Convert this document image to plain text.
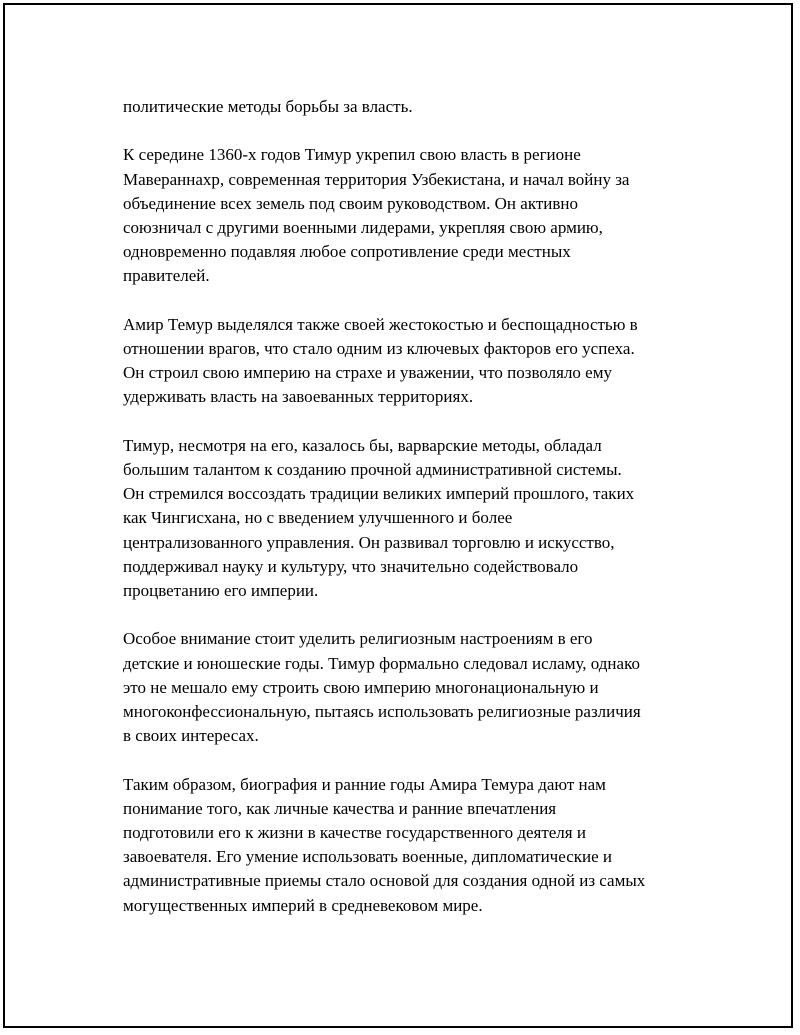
политические методы борьбы за власть.

К середине 1360-х годов Тимур укрепил свою власть в регионе
Мавераннахр, современная территория Узбекистана, и начал войну за
объединение всех земель под своим руководством. Он активно
союзничал с другими военными лидерами, укрепляя свою армию,
одновременно подавляя любое сопротивление среди местных
правителей.

Амир Темур выделялся также своей жестокостью и беспощадностью в
отношении врагов, что стало одним из ключевых факторов его успеха.
Он строил свою империю на страхе и уважении, что позволяло ему
удерживать власть на завоеванных территориях.

Тимур, несмотря на его, казалось бы, варварские методы, обладал
большим талантом к созданию прочной административной системы.
Он стремился воссоздать традиции великих империй прошлого, таких
как Чингисхана, но с введением улучшенного и более
централизованного управления. Он развивал торговлю и искусство,
поддерживал науку и культуру, что значительно содействовало
процветанию его империи.

Особое внимание стоит уделить религиозным настроениям в его
детские и юношеские годы. Тимур формально следовал исламу, однако
это не мешало ему строить свою империю многонациональную и
многоконфессиональную, пытаясь использовать религиозные различия
в своих интересах.

Таким образом, биография и ранние годы Амира Темура дают нам
понимание того, как личные качества и ранние впечатления
подготовили его к жизни в качестве государственного деятеля и
завоевателя. Его умение использовать военные, дипломатические и
административные приемы стало основой для создания одной из самых
могущественных империй в средневековом мире.
